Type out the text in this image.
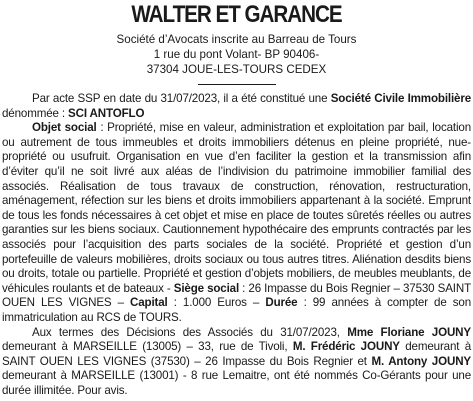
WALTER ET GARANCE
Société d’Avocats inscrite au Barreau de Tours
1 rue du pont Volant- BP 90406-
37304 JOUE-LES-TOURS CEDEX

Par acte SSP en date du 31/07/2023, il a été constitué une Société Civile Immobilière dénommée : SCI ANTOFLO

Objet social : Propriété, mise en valeur, administration et exploitation par bail, location ou autrement de tous immeubles et droits immobiliers détenus en pleine propriété, nue-propriété ou usufruit. Organisation en vue d’en faciliter la gestion et la transmission afin d’éviter qu’il ne soit livré aux aléas de l’indivision du patrimoine immobilier familial des associés. Réalisation de tous travaux de construction, rénovation, restructuration, aménagement, réfection sur les biens et droits immobiliers appartenant à la société. Emprunt de tous les fonds nécessaires à cet objet et mise en place de toutes sûretés réelles ou autres garanties sur les biens sociaux. Cautionnement hypothécaire des emprunts contractés par les associés pour l’acquisition des parts sociales de la société. Propriété et gestion d’un portefeuille de valeurs mobilières, droits sociaux ou tous autres titres. Aliénation desdits biens ou droits, totale ou partielle. Propriété et gestion d’objets mobiliers, de meubles meublants, de véhicules roulants et de bateaux - Siège social : 26 Impasse du Bois Regnier – 37530 SAINT OUEN LES VIGNES – Capital : 1.000 Euros – Durée : 99 années à compter de son immatriculation au RCS de TOURS.

Aux termes des Décisions des Associés du 31/07/2023, Mme Floriane JOUNY demeurant à MARSEILLE (13005) – 33, rue de Tivoli, M. Frédéric JOUNY demeurant à SAINT OUEN LES VIGNES (37530) – 26 Impasse du Bois Regnier et M. Antony JOUNY demeurant à MARSEILLE (13001) - 8 rue Lemaitre, ont été nommés Co-Gérants pour une durée illimitée. Pour avis.
